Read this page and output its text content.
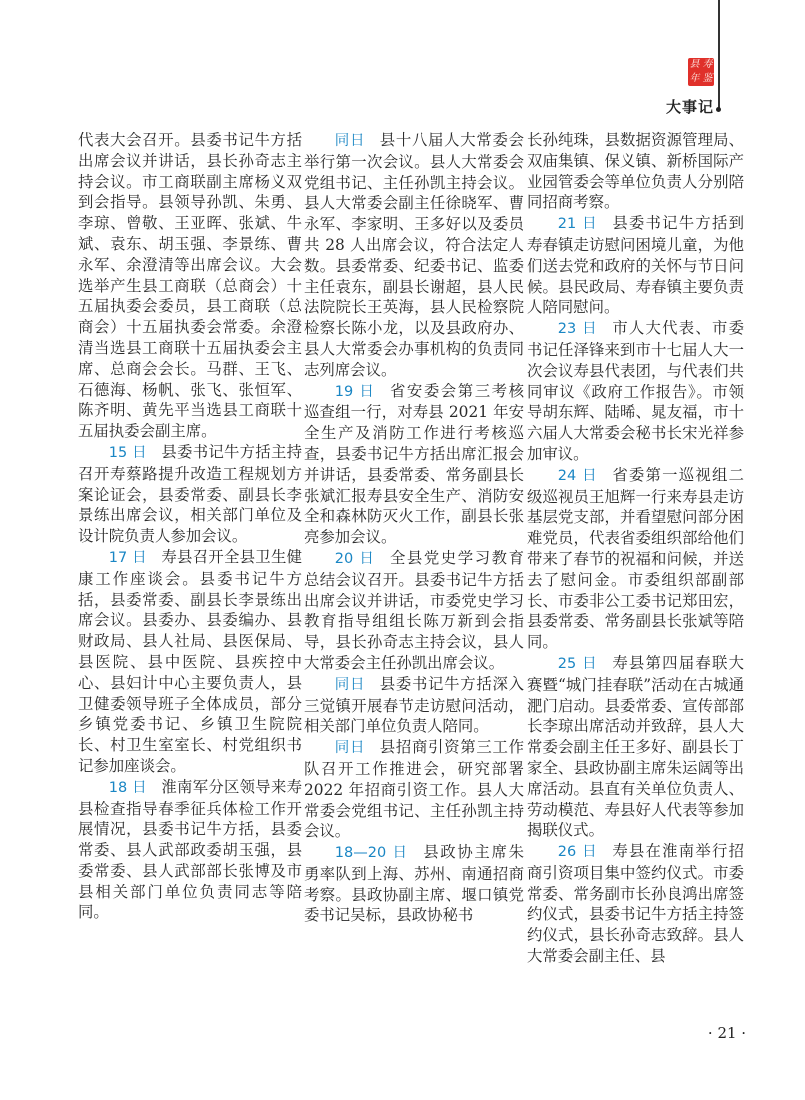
县 寿
年 鉴
大事记

代表大会召开。县委书记牛方括出席会议并讲话，县长孙奇志主持会议。市工商联副主席杨义双到会指导。县领导孙凯、朱勇、李琼、曾敬、王亚晖、张斌、牛斌、袁东、胡玉强、李景练、曹永军、余澄清等出席会议。大会选举产生县工商联（总商会）十五届执委会委员，县工商联（总商会）十五届执委会常委。余澄清当选县工商联十五届执委会主席、总商会会长。马群、王飞、石德海、杨帆、张飞、张恒军、陈齐明、黄先平当选县工商联十五届执委会副主席。

15 日 县委书记牛方括主持召开寿蔡路提升改造工程规划方案论证会，县委常委、副县长李景练出席会议，相关部门单位及设计院负责人参加会议。

17 日 寿县召开全县卫生健康工作座谈会。县委书记牛方括，县委常委、副县长李景练出席会议。县委办、县委编办、县财政局、县人社局、县医保局、县医院、县中医院、县疾控中心、县妇计中心主要负责人，县卫健委领导班子全体成员，部分乡镇党委书记、乡镇卫生院院长、村卫生室室长、村党组织书记参加座谈会。

18 日 淮南军分区领导来寿县检查指导春季征兵体检工作开展情况，县委书记牛方括，县委常委、县人武部政委胡玉强，县委常委、县人武部部长张博及市县相关部门单位负责同志等陪同。

同日 县十八届人大常委会举行第一次会议。县人大常委会党组书记、主任孙凯主持会议。县人大常委会副主任徐晓军、曹永军、李家明、王多好以及委员共 28 人出席会议，符合法定人数。县委常委、纪委书记、监委主任袁东，副县长谢超，县人民法院院长王英海，县人民检察院检察长陈小龙，以及县政府办、县人大常委会办事机构的负责同志列席会议。

19 日 省安委会第三考核巡查组一行，对寿县 2021 年安全生产及消防工作进行考核巡查，县委书记牛方括出席汇报会并讲话，县委常委、常务副县长张斌汇报寿县安全生产、消防安全和森林防灭火工作，副县长张亮参加会议。

20 日 全县党史学习教育总结会议召开。县委书记牛方括出席会议并讲话，市委党史学习教育指导组组长陈万新到会指导，县长孙奇志主持会议，县人大常委会主任孙凯出席会议。

同日 县委书记牛方括深入三觉镇开展春节走访慰问活动，相关部门单位负责人陪同。

同日 县招商引资第三工作队召开工作推进会，研究部署 2022 年招商引资工作。县人大常委会党组书记、主任孙凯主持会议。

18—20 日 县政协主席朱勇率队到上海、苏州、南通招商考察。县政协副主席、堰口镇党委书记吴标，县政协秘书

长孙纯珠，县数据资源管理局、双庙集镇、保义镇、新桥国际产业园管委会等单位负责人分别陪同招商考察。

21 日 县委书记牛方括到寿春镇走访慰问困境儿童，为他们送去党和政府的关怀与节日问候。县民政局、寿春镇主要负责人陪同慰问。

23 日 市人大代表、市委书记任泽锋来到市十七届人大一次会议寿县代表团，与代表们共同审议《政府工作报告》。市领导胡东辉、陆晞、晁友福，市十六届人大常委会秘书长宋光祥参加审议。

24 日 省委第一巡视组二级巡视员王旭辉一行来寿县走访基层党支部，并看望慰问部分困难党员，代表省委组织部给他们带来了春节的祝福和问候，并送去了慰问金。市委组织部副部长、市委非公工委书记郑田宏，县委常委、常务副县长张斌等陪同。

25 日 寿县第四届春联大赛暨“城门挂春联”活动在古城通淝门启动。县委常委、宣传部部长李琼出席活动并致辞，县人大常委会副主任王多好、副县长丁家全、县政协副主席朱运阔等出席活动。县直有关单位负责人、劳动模范、寿县好人代表等参加揭联仪式。

26 日 寿县在淮南举行招商引资项目集中签约仪式。市委常委、常务副市长孙良鸿出席签约仪式，县委书记牛方括主持签约仪式，县长孙奇志致辞。县人大常委会副主任、县

· 21 ·
